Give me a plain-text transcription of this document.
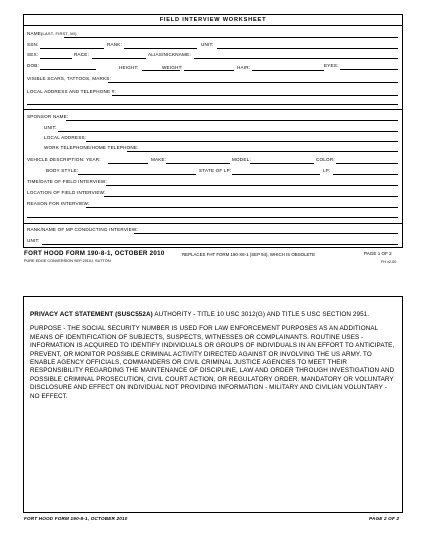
FIELD INTERVIEW WORKSHEET
NAME:
(LAST, FIRST, MI)
SSN:	RANK:	UNIT:
SEX:	RACE:	ALIAS/NICKNAME:
DOB:	HEIGHT:	WEIGHT:	HAIR:	EYES:
VISIBLE SCARS, TATTOOS, MARKS:
LOCAL ADDRESS AND TELEPHONE #:
SPONSOR NAME:
UNIT:
LOCAL ADDRESS:
WORK TELEPHONE/HOME TELEPHONE:
VEHICLE DESCRIPTION: YEAR:	MAKE:	MODEL:	COLOR:
BODY STYLE:	STATE OF LP:	LP:
TIME/DATE OF FIELD INTERVIEW:
LOCATION OF FIELD INTERVIEW:
REASON FOR INTERVIEW:
RANK/NAME OF MP CONDUCTING INTERVIEW:
UNIT:
FORT HOOD FORM 190-8-1, OCTOBER 2010	REPLACES FHT FORM 190-X8-1 (SEP 94), WHICH IS OBSOLETE	PAGE 1 OF 2
PURE EDGE CONVERSION SEP 2010J. SUTTON	FH v2.00

PRIVACY ACT STATEMENT (SUSC552A) AUTHORITY - TITLE 10 USC 3012(G) AND TITLE 5 USC SECTION 2951.

PURPOSE - THE SOCIAL SECURITY NUMBER IS USED FOR LAW ENFORCEMENT PURPOSES AS AN ADDITIONAL MEANS OF IDENTIFICATION OF SUBJECTS, SUSPECTS, WITNESSES OR COMPLAINANTS. ROUTINE USES - INFORMATION IS ACQUIRED TO IDENTIFY INDIVIDUALS OR GROUPS OF INDIVIDUALS IN AN EFFORT TO ANTICIPATE, PREVENT, OR MONITOR POSSIBLE CRIMINAL ACTIVITY DIRECTED AGAINST OR INVOLVING THE US ARMY. TO ENABLE AGENCY OFFICIALS, COMMANDERS OR CIVIL CRIMINAL JUSTICE AGENCIES TO MEET THEIR RESPONSIBILITY REGARDING THE MAINTENANCE OF DISCIPLINE, LAW AND ORDER THROUGH INVESTIGATION AND POSSIBLE CRIMINAL PROSECUTION, CIVIL COURT ACTION, OR REGULATORY ORDER. MANDATORY OR VOLUNTARY DISCLOSURE AND EFFECT ON INDIVIDUAL NOT PROVIDING INFORMATION - MILITARY AND CIVILIAN VOLUNTARY - NO EFFECT.

FORT HOOD FORM 190-8-1, OCTOBER 2010	PAGE 2 OF 2
